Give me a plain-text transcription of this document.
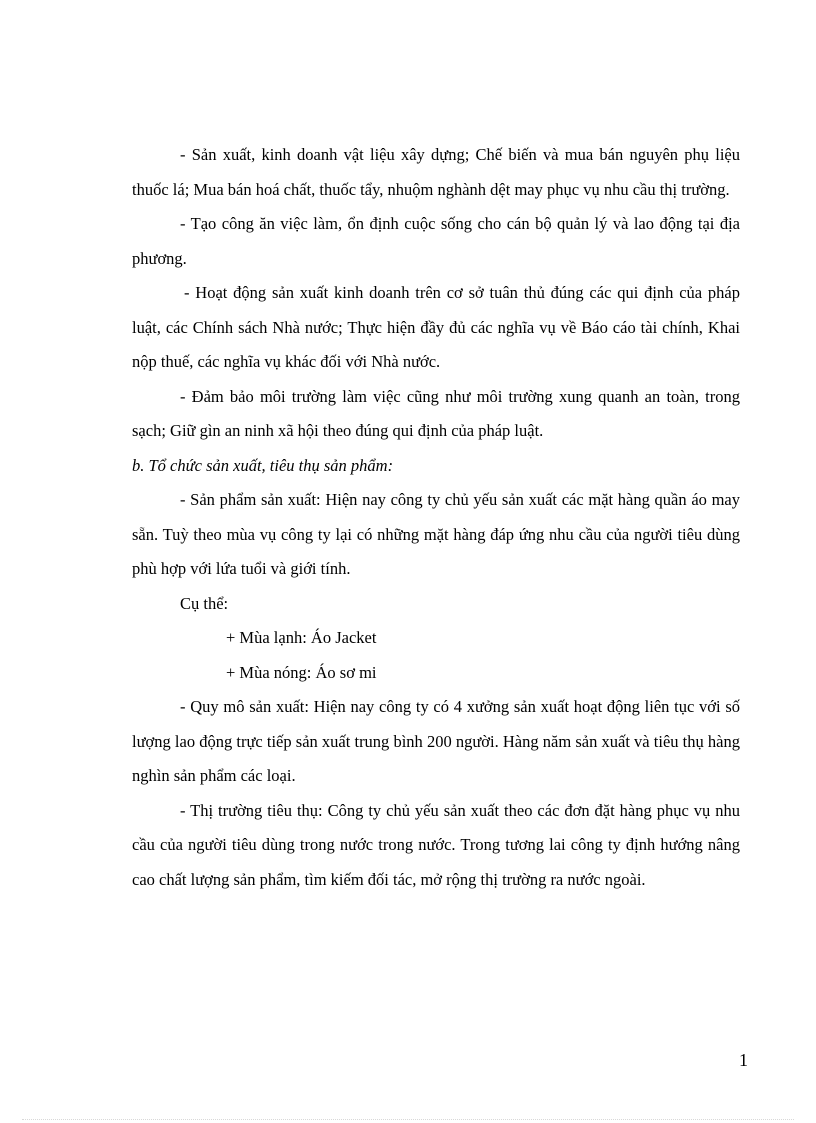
- Sản xuất, kinh doanh vật liệu xây dựng; Chế biến và mua bán nguyên phụ liệu thuốc lá; Mua bán hoá chất, thuốc tẩy, nhuộm nghành dệt may phục vụ nhu cầu thị trường.

- Tạo công ăn việc làm, ổn định cuộc sống cho cán bộ quản lý và lao động tại địa phương.

- Hoạt động sản xuất kinh doanh trên cơ sở tuân thủ đúng các qui định của pháp luật, các Chính sách Nhà nước; Thực hiện đầy đủ các nghĩa vụ về Báo cáo tài chính, Khai nộp thuế, các nghĩa vụ khác đối với Nhà nước.

- Đảm bảo môi trường làm việc cũng như môi trường xung quanh an toàn, trong sạch; Giữ gìn an ninh xã hội theo đúng qui định của pháp luật.

b. Tổ chức sản xuất, tiêu thụ sản phẩm:

- Sản phẩm sản xuất: Hiện nay công ty chủ yếu sản xuất các mặt hàng quần áo may sẵn. Tuỳ theo mùa vụ công ty lại có những mặt hàng đáp ứng nhu cầu của người tiêu dùng phù hợp với lứa tuổi và giới tính.

Cụ thể:

+ Mùa lạnh: Áo Jacket

+ Mùa nóng: Áo sơ mi

- Quy mô sản xuất: Hiện nay công ty có 4 xưởng sản xuất hoạt động liên tục với số lượng lao động trực tiếp sản xuất trung bình 200 người. Hàng năm sản xuất và tiêu thụ hàng nghìn sản phẩm các loại.

- Thị trường tiêu thụ: Công ty chủ yếu sản xuất theo các đơn đặt hàng phục vụ nhu cầu của người tiêu dùng trong nước trong nước. Trong tương lai công ty định hướng nâng cao chất lượng sản phẩm, tìm kiếm đối tác, mở rộng thị trường ra nước ngoài.

1
